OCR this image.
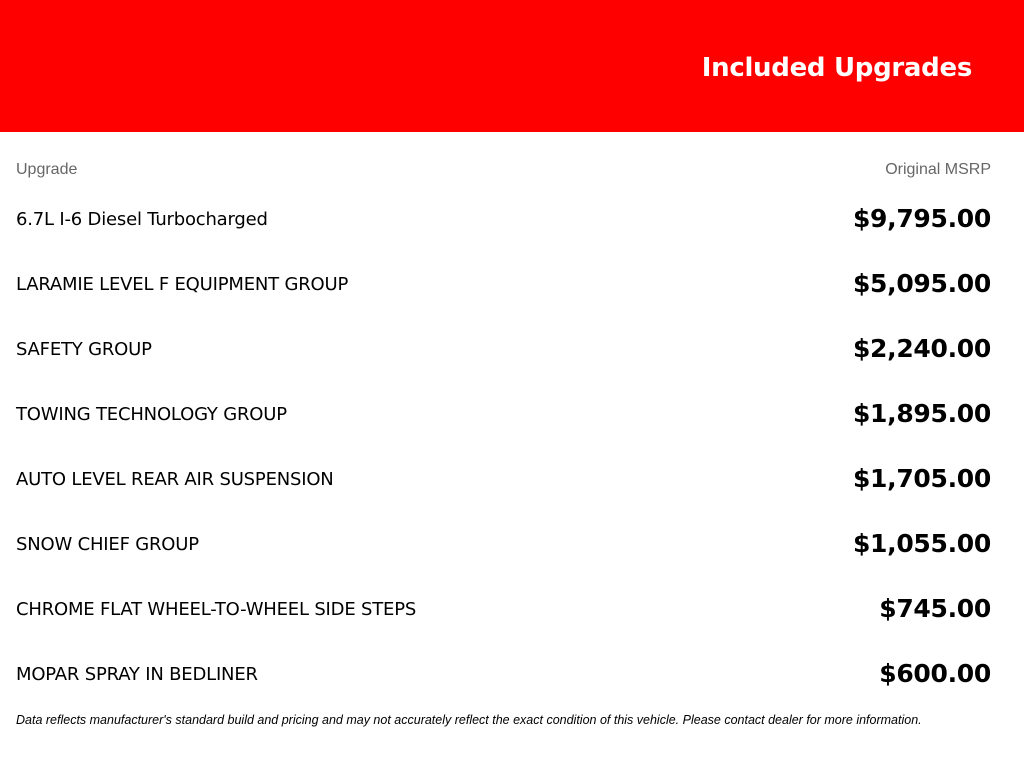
Included Upgrades
Upgrade	Original MSRP
6.7L I-6 Diesel Turbocharged	$9,795.00
LARAMIE LEVEL F EQUIPMENT GROUP	$5,095.00
SAFETY GROUP	$2,240.00
TOWING TECHNOLOGY GROUP	$1,895.00
AUTO LEVEL REAR AIR SUSPENSION	$1,705.00
SNOW CHIEF GROUP	$1,055.00
CHROME FLAT WHEEL-TO-WHEEL SIDE STEPS	$745.00
MOPAR SPRAY IN BEDLINER	$600.00

Data reflects manufacturer's standard build and pricing and may not accurately reflect the exact condition of this vehicle. Please contact dealer for more information.
